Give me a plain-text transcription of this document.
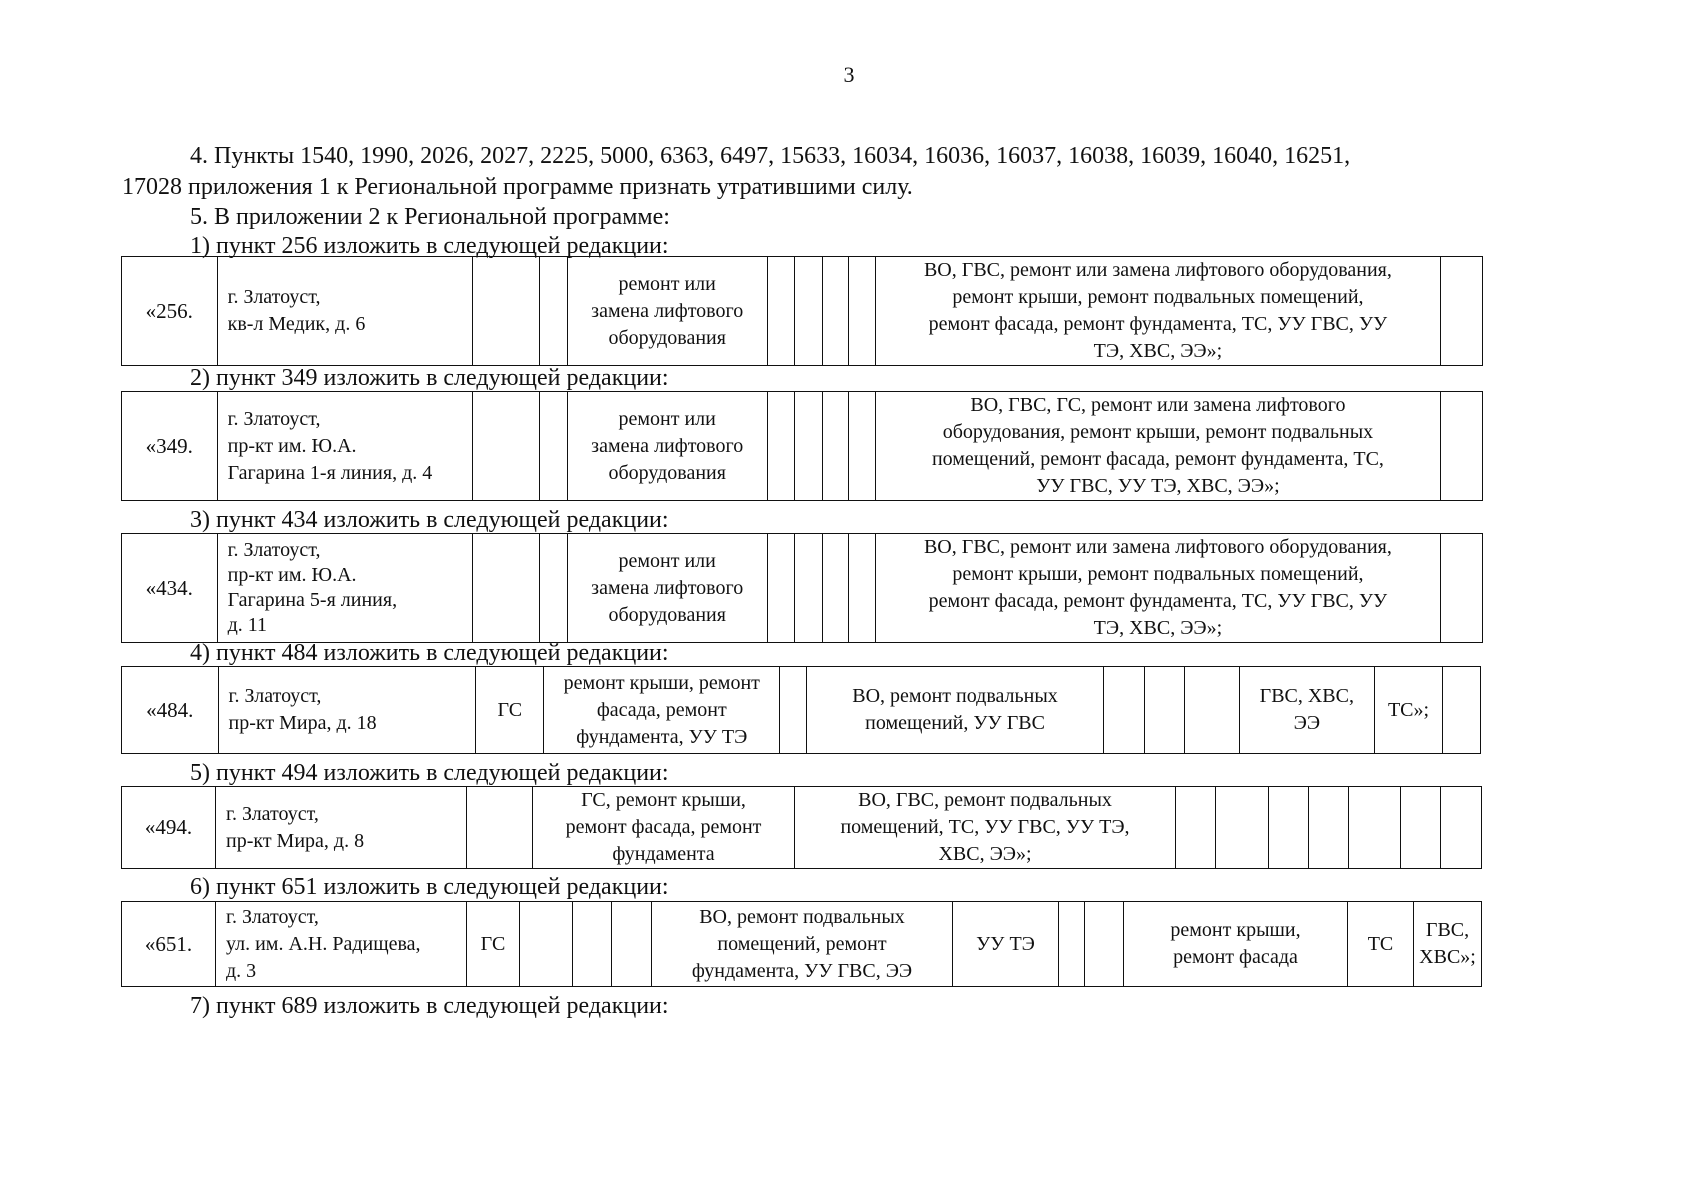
3
4. Пункты 1540, 1990, 2026, 2027, 2225, 5000, 6363, 6497, 15633, 16034, 16036, 16037, 16038, 16039, 16040, 16251,
17028 приложения 1 к Региональной программе признать утратившими силу.
5. В приложении 2 к Региональной программе:
1) пункт 256 изложить в следующей редакции:
«256.	г. Златоуст,
кв-л Медик, д. 6			ремонт или
замена лифтового
оборудования					ВО, ГВС, ремонт или замена лифтового оборудования,
ремонт крыши, ремонт подвальных помещений,
ремонт фасада, ремонт фундамента, ТС, УУ ГВС, УУ
ТЭ, ХВС, ЭЭ»;	
2) пункт 349 изложить в следующей редакции:
«349.	г. Златоуст,
пр-кт им. Ю.А.
Гагарина 1-я линия, д. 4			ремонт или
замена лифтового
оборудования					ВО, ГВС, ГС, ремонт или замена лифтового
оборудования, ремонт крыши, ремонт подвальных
помещений, ремонт фасада, ремонт фундамента, ТС,
УУ ГВС, УУ ТЭ, ХВС, ЭЭ»;	
3) пункт 434 изложить в следующей редакции:
«434.	г. Златоуст,
пр-кт им. Ю.А.
Гагарина 5-я линия,
д. 11			ремонт или
замена лифтового
оборудования					ВО, ГВС, ремонт или замена лифтового оборудования,
ремонт крыши, ремонт подвальных помещений,
ремонт фасада, ремонт фундамента, ТС, УУ ГВС, УУ
ТЭ, ХВС, ЭЭ»;	
4) пункт 484 изложить в следующей редакции:
«484.	г. Златоуст,
пр-кт Мира, д. 18	ГС	ремонт крыши, ремонт
фасада, ремонт
фундамента, УУ ТЭ		ВО, ремонт подвальных
помещений, УУ ГВС				ГВС, ХВС,
ЭЭ	ТС»;	
5) пункт 494 изложить в следующей редакции:
«494.	г. Златоуст,
пр-кт Мира, д. 8		ГС, ремонт крыши,
ремонт фасада, ремонт
фундамента	ВО, ГВС, ремонт подвальных
помещений, ТС, УУ ГВС, УУ ТЭ,
ХВС, ЭЭ»;							
6) пункт 651 изложить в следующей редакции:
«651.	г. Златоуст,
ул. им. А.Н. Радищева,
д. 3	ГС				ВО, ремонт подвальных
помещений, ремонт
фундамента, УУ ГВС, ЭЭ	УУ ТЭ			ремонт крыши,
ремонт фасада	ТС	ГВС,
ХВС»;
7) пункт 689 изложить в следующей редакции:
